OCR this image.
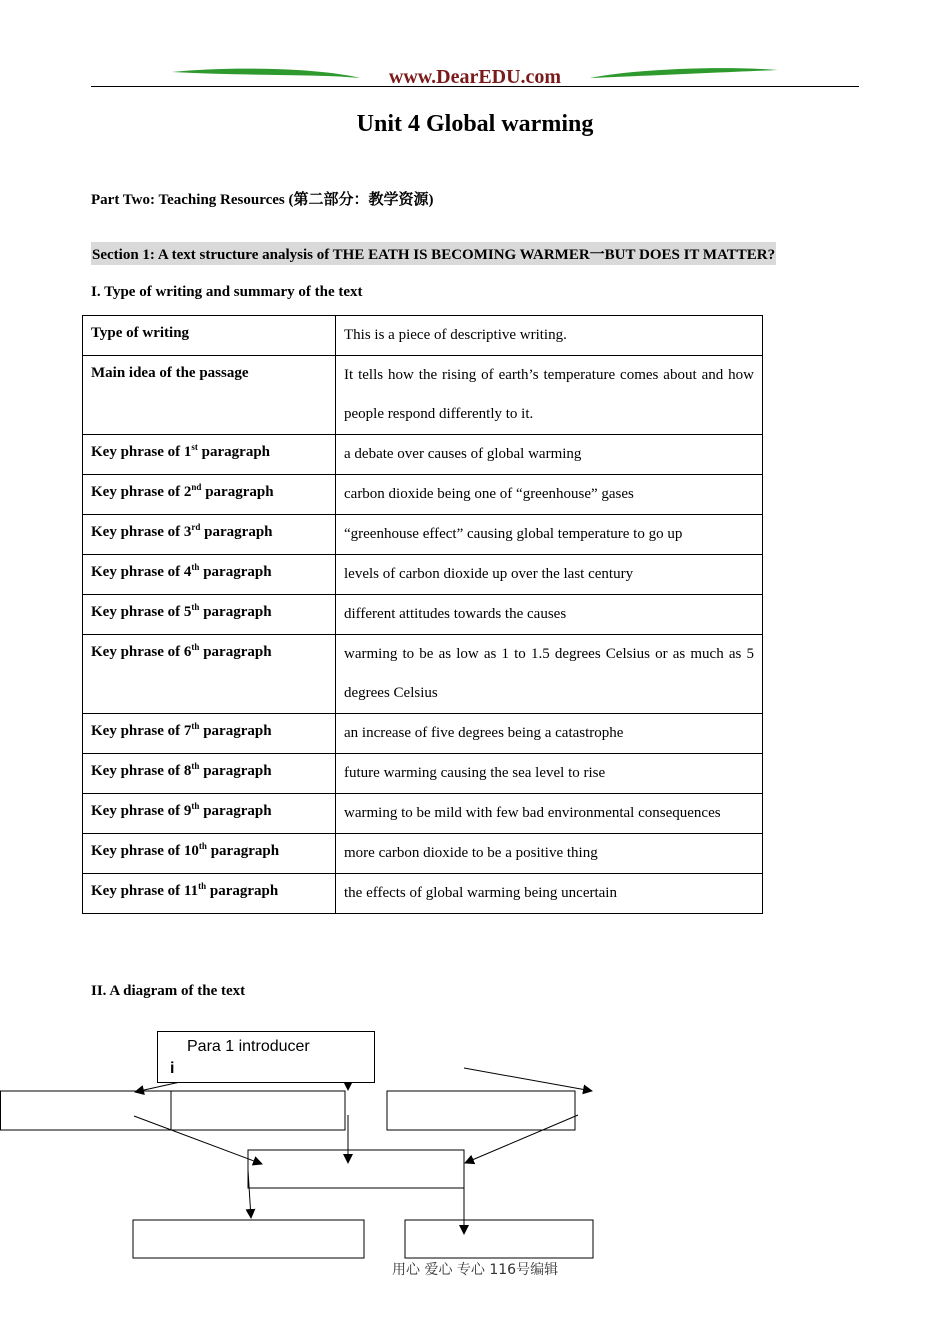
www.DearEDU.com
Unit 4 Global warming
Part Two: Teaching Resources (第二部分：教学资源)
Section 1: A text structure analysis of THE EATH IS BECOMING WARMER一BUT DOES IT MATTER?
I. Type of writing and summary of the text
Type of writing	This is a piece of descriptive writing.
Main idea of the passage	It tells how the rising of earth’s temperature comes about and how people respond differently to it.
Key phrase of 1st paragraph	a debate over causes of global warming
Key phrase of 2nd paragraph	carbon dioxide being one of “greenhouse” gases
Key phrase of 3rd paragraph	“greenhouse effect” causing global temperature to go up
Key phrase of 4th paragraph	levels of carbon dioxide up over the last century
Key phrase of 5th paragraph	different attitudes towards the causes
Key phrase of 6th paragraph	warming to be as low as 1 to 1.5 degrees Celsius or as much as 5 degrees Celsius
Key phrase of 7th paragraph	an increase of five degrees being a catastrophe
Key phrase of 8th paragraph	future warming causing the sea level to rise
Key phrase of 9th paragraph	warming to be mild with few bad environmental consequences
Key phrase of 10th paragraph	more carbon dioxide to be a positive thing
Key phrase of 11th paragraph	the effects of global warming being uncertain
II. A diagram of the text
Para 1 introducer
i
用心 爱心 专心 116号编辑
